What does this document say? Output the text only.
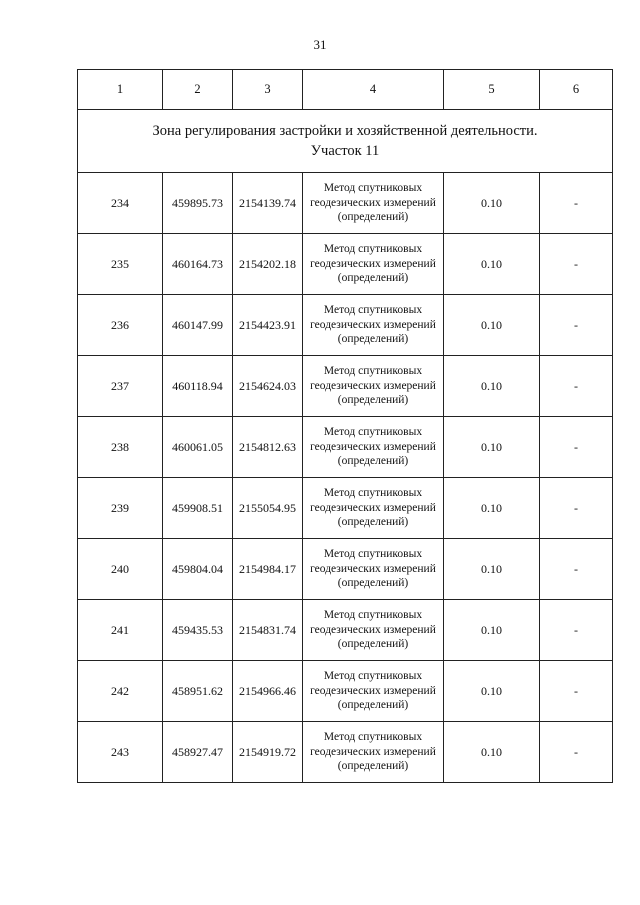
31
1	2	3	4	5	6

Зона регулирования застройки и хозяйственной деятельности.
Участок 11					

234	459895.73	2154139.74	Метод спутниковых геодезических измерений (определений)	0.10	-
235	460164.73	2154202.18	Метод спутниковых геодезических измерений (определений)	0.10	-
236	460147.99	2154423.91	Метод спутниковых геодезических измерений (определений)	0.10	-
237	460118.94	2154624.03	Метод спутниковых геодезических измерений (определений)	0.10	-
238	460061.05	2154812.63	Метод спутниковых геодезических измерений (определений)	0.10	-
239	459908.51	2155054.95	Метод спутниковых геодезических измерений (определений)	0.10	-
240	459804.04	2154984.17	Метод спутниковых геодезических измерений (определений)	0.10	-
241	459435.53	2154831.74	Метод спутниковых геодезических измерений (определений)	0.10	-
242	458951.62	2154966.46	Метод спутниковых геодезических измерений (определений)	0.10	-
243	458927.47	2154919.72	Метод спутниковых геодезических измерений (определений)	0.10	-
